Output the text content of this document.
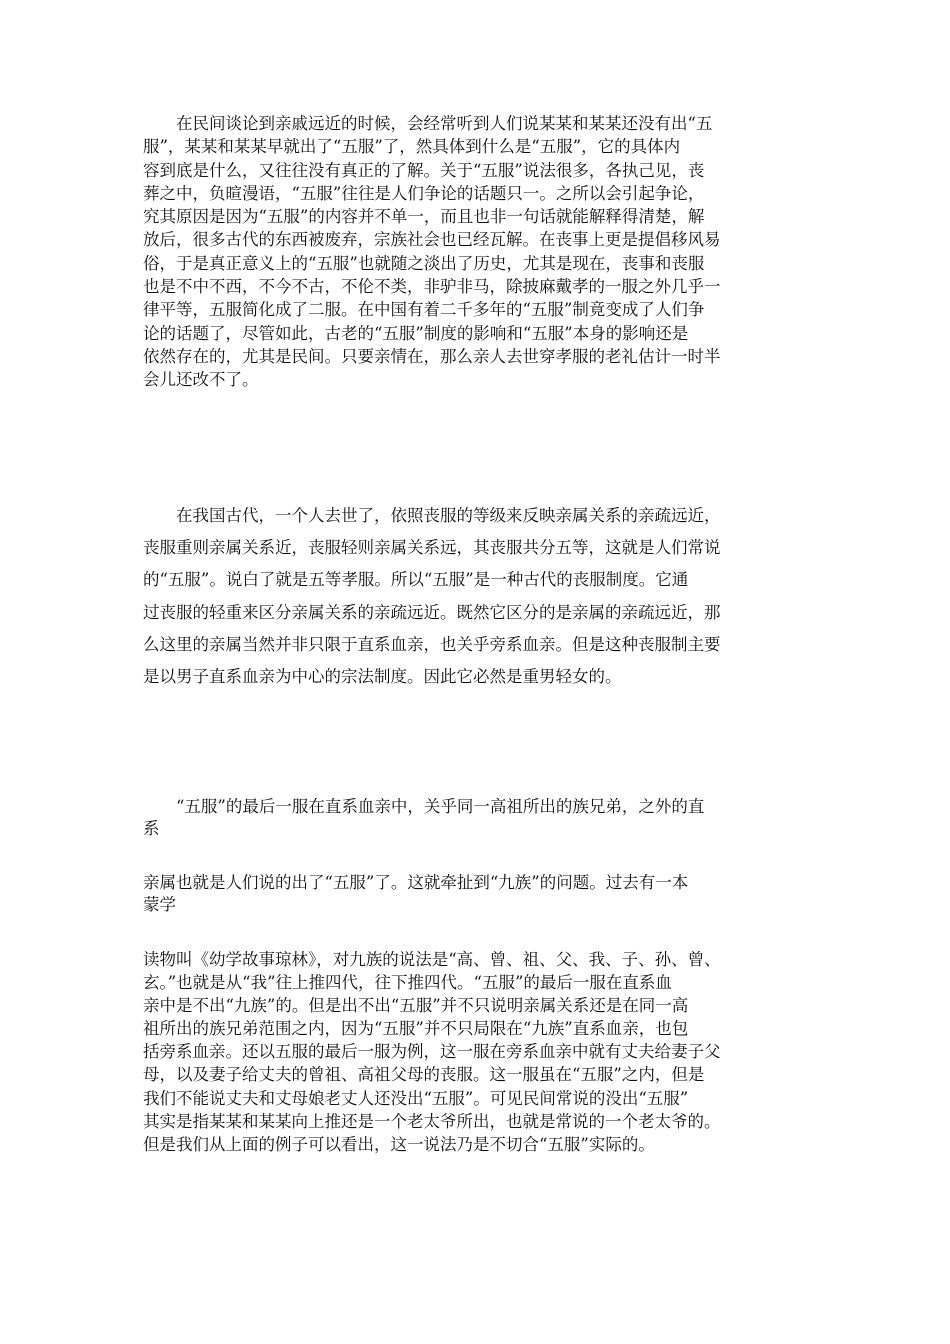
　　在民间谈论到亲戚远近的时候，会经常听到人们说某某和某某还没有出“五
服”，某某和某某早就出了“五服”了，然具体到什么是“五服”，它的具体内
容到底是什么，又往往没有真正的了解。关于“五服”说法很多，各执己见，丧
葬之中，负暄漫语，“五服”往往是人们争论的话题只一。之所以会引起争论，
究其原因是因为“五服”的内容并不单一，而且也非一句话就能解释得清楚，解
放后，很多古代的东西被废弃，宗族社会也已经瓦解。在丧事上更是提倡移风易
俗，于是真正意义上的“五服”也就随之淡出了历史，尤其是现在，丧事和丧服
也是不中不西，不今不古，不伦不类，非驴非马，除披麻戴孝的一服之外几乎一
律平等，五服简化成了二服。在中国有着二千多年的“五服”制竟变成了人们争
论的话题了，尽管如此，古老的“五服”制度的影响和“五服”本身的影响还是
依然存在的，尤其是民间。只要亲情在，那么亲人去世穿孝服的老礼估计一时半
会儿还改不了。

　　在我国古代，一个人去世了，依照丧服的等级来反映亲属关系的亲疏远近，
丧服重则亲属关系近，丧服轻则亲属关系远，其丧服共分五等，这就是人们常说
的“五服”。说白了就是五等孝服。所以“五服”是一种古代的丧服制度。它通
过丧服的轻重来区分亲属关系的亲疏远近。既然它区分的是亲属的亲疏远近，那
么这里的亲属当然并非只限于直系血亲，也关乎旁系血亲。但是这种丧服制主要
是以男子直系血亲为中心的宗法制度。因此它必然是重男轻女的。

　　“五服”的最后一服在直系血亲中，关乎同一高祖所出的族兄弟，之外的直
系

亲属也就是人们说的出了“五服”了。这就牵扯到“九族”的问题。过去有一本
蒙学

读物叫《幼学故事琼林》，对九族的说法是“高、曾、祖、父、我、子、孙、曾、
玄。”也就是从“我”往上推四代，往下推四代。“五服”的最后一服在直系血
亲中是不出“九族”的。但是出不出“五服”并不只说明亲属关系还是在同一高
祖所出的族兄弟范围之内，因为“五服”并不只局限在“九族”直系血亲，也包
括旁系血亲。还以五服的最后一服为例，这一服在旁系血亲中就有丈夫给妻子父
母，以及妻子给丈夫的曾祖、高祖父母的丧服。这一服虽在“五服”之内，但是
我们不能说丈夫和丈母娘老丈人还没出“五服”。可见民间常说的没出“五服”
其实是指某某和某某向上推还是一个老太爷所出，也就是常说的一个老太爷的。
但是我们从上面的例子可以看出，这一说法乃是不切合“五服”实际的。
